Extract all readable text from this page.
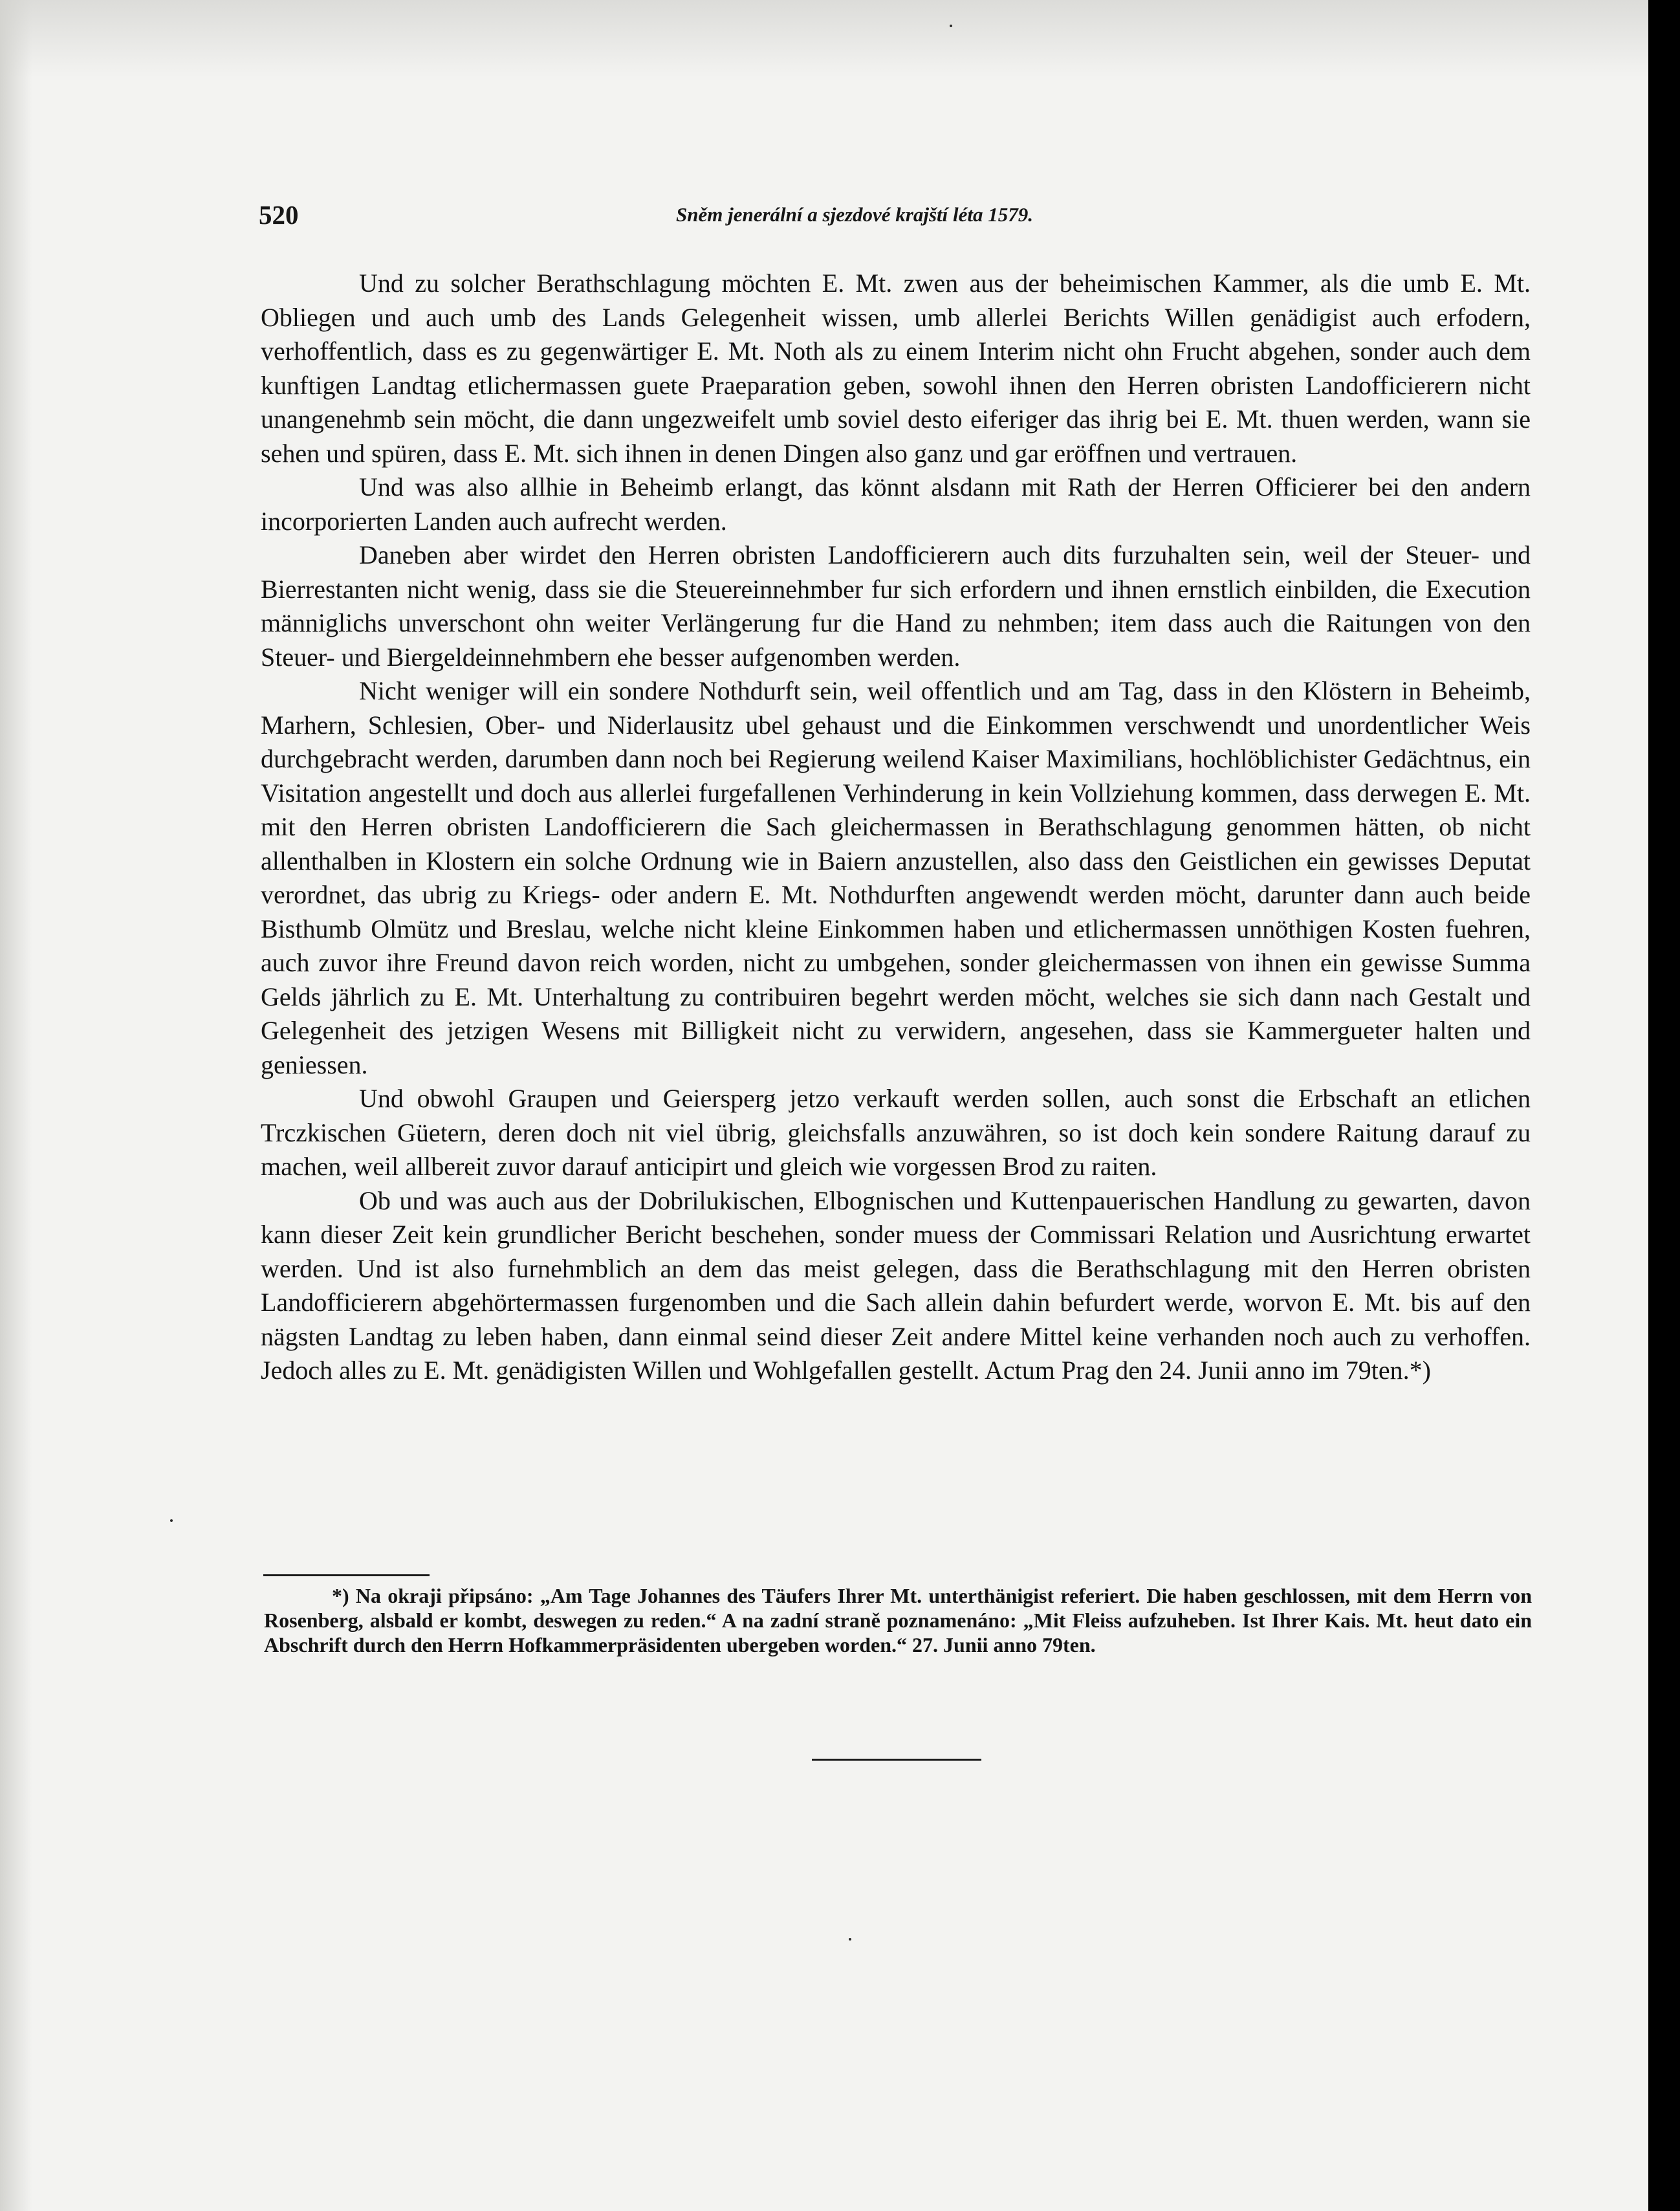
520	Sněm jenerální a sjezdové krajští léta 1579.

Und zu solcher Berathschlagung möchten E. Mt. zwen aus der beheimischen Kammer, als die umb E. Mt. Obliegen und auch umb des Lands Gelegenheit wissen, umb allerlei Berichts Willen genädigist auch erfodern, verhoffentlich, dass es zu gegenwärtiger E. Mt. Noth als zu einem Interim nicht ohn Frucht abgehen, sonder auch dem kunftigen Landtag etlichermassen guete Praeparation geben, sowohl ihnen den Herren obristen Landofficierern nicht unangenehmb sein möcht, die dann ungezweifelt umb soviel desto eiferiger das ihrig bei E. Mt. thuen werden, wann sie sehen und spüren, dass E. Mt. sich ihnen in denen Dingen also ganz und gar eröffnen und vertrauen.

Und was also allhie in Beheimb erlangt, das könnt alsdann mit Rath der Herren Officierer bei den andern incorporierten Landen auch aufrecht werden.

Daneben aber wirdet den Herren obristen Landofficierern auch dits furzuhalten sein, weil der Steuer- und Bierrestanten nicht wenig, dass sie die Steuereinnehmber fur sich erfordern und ihnen ernstlich einbilden, die Execution männiglichs unverschont ohn weiter Verlängerung fur die Hand zu nehmben; item dass auch die Raitungen von den Steuer- und Biergeldeinnehmbern ehe besser aufgenomben werden.

Nicht weniger will ein sondere Nothdurft sein, weil offentlich und am Tag, dass in den Klöstern in Beheimb, Marhern, Schlesien, Ober- und Niderlausitz ubel gehaust und die Einkommen verschwendt und unordentlicher Weis durchgebracht werden, darumben dann noch bei Regierung weilend Kaiser Maximilians, hochlöblichister Gedächtnus, ein Visitation angestellt und doch aus allerlei furgefallenen Verhinderung in kein Vollziehung kommen, dass derwegen E. Mt. mit den Herren obristen Landofficierern die Sach gleichermassen in Berathschlagung genommen hätten, ob nicht allenthalben in Klostern ein solche Ordnung wie in Baiern anzustellen, also dass den Geistlichen ein gewisses Deputat verordnet, das ubrig zu Kriegs- oder andern E. Mt. Nothdurften angewendt werden möcht, darunter dann auch beide Bisthumb Olmütz und Breslau, welche nicht kleine Einkommen haben und etlichermassen unnöthigen Kosten fuehren, auch zuvor ihre Freund davon reich worden, nicht zu umbgehen, sonder gleichermassen von ihnen ein gewisse Summa Gelds jährlich zu E. Mt. Unterhaltung zu contribuiren begehrt werden möcht, welches sie sich dann nach Gestalt und Gelegenheit des jetzigen Wesens mit Billigkeit nicht zu verwidern, angesehen, dass sie Kammergueter halten und geniessen.

Und obwohl Graupen und Geiersperg jetzo verkauft werden sollen, auch sonst die Erbschaft an etlichen Trczkischen Güetern, deren doch nit viel übrig, gleichsfalls anzuwähren, so ist doch kein sondere Raitung darauf zu machen, weil allbereit zuvor darauf anticipirt und gleich wie vorgessen Brod zu raiten.

Ob und was auch aus der Dobrilukischen, Elbognischen und Kuttenpauerischen Handlung zu gewarten, davon kann dieser Zeit kein grundlicher Bericht beschehen, sonder muess der Commissari Relation und Ausrichtung erwartet werden. Und ist also furnehmblich an dem das meist gelegen, dass die Berathschlagung mit den Herren obristen Landofficierern abgehörtermassen furgenomben und die Sach allein dahin befurdert werde, worvon E. Mt. bis auf den nägsten Landtag zu leben haben, dann einmal seind dieser Zeit andere Mittel keine verhanden noch auch zu verhoffen. Jedoch alles zu E. Mt. genädigisten Willen und Wohlgefallen gestellt. Actum Prag den 24. Junii anno im 79ten.*)

*) Na okraji připsáno: „Am Tage Johannes des Täufers Ihrer Mt. unterthänigist referiert. Die haben geschlossen, mit dem Herrn von Rosenberg, alsbald er kombt, deswegen zu reden.“ A na zadní straně poznamenáno: „Mit Fleiss aufzuheben. Ist Ihrer Kais. Mt. heut dato ein Abschrift durch den Herrn Hofkammerpräsidenten ubergeben worden.“ 27. Junii anno 79ten.
